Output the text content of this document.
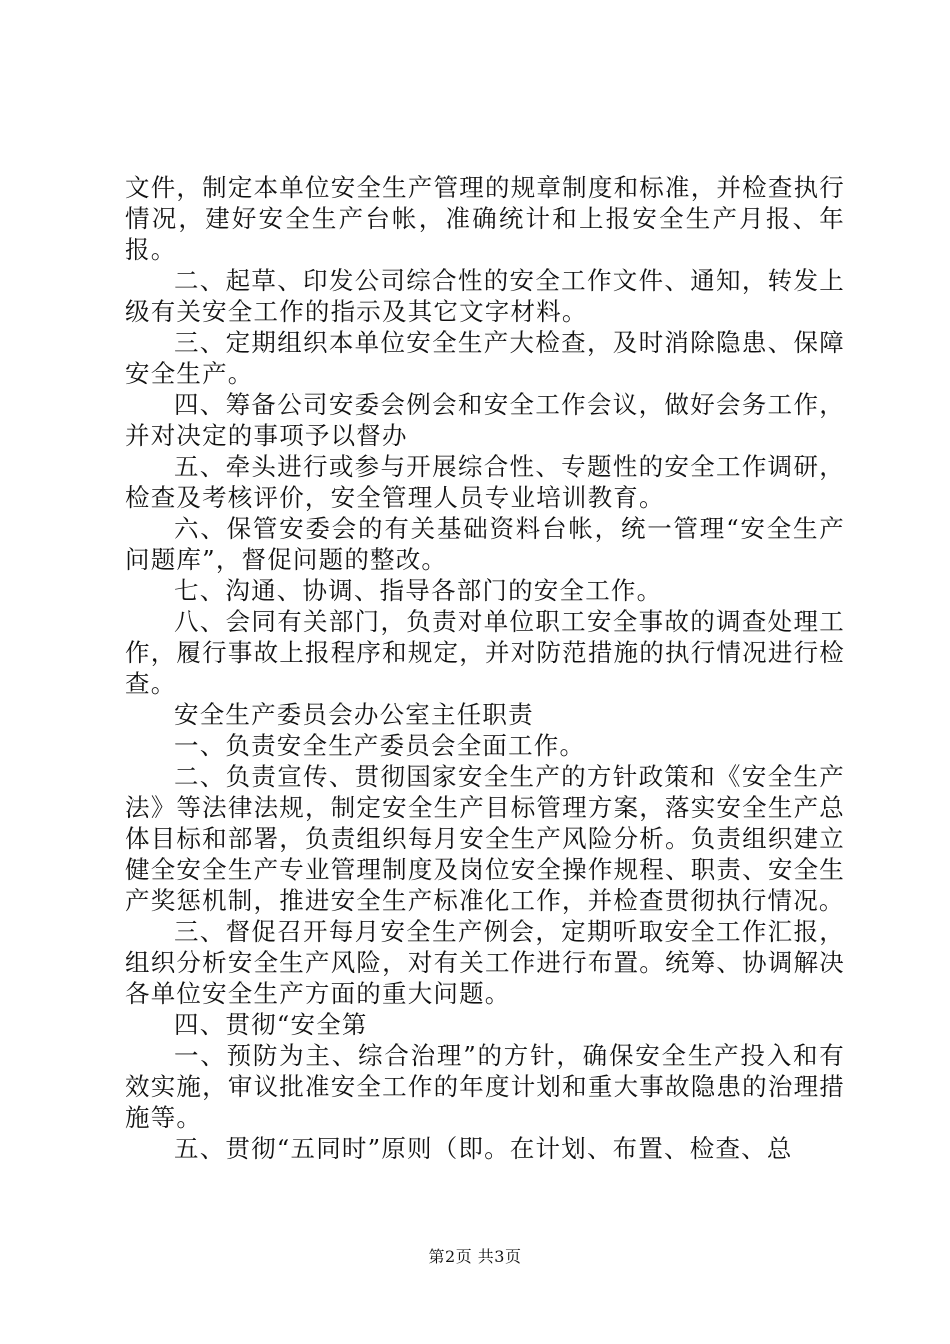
文件，制定本单位安全生产管理的规章制度和标准，并检查执行情况，建好安全生产台帐，准确统计和上报安全生产月报、年报。

二、起草、印发公司综合性的安全工作文件、通知，转发上级有关安全工作的指示及其它文字材料。

三、定期组织本单位安全生产大检查，及时消除隐患、保障安全生产。

四、筹备公司安委会例会和安全工作会议，做好会务工作，并对决定的事项予以督办

五、牵头进行或参与开展综合性、专题性的安全工作调研，检查及考核评价，安全管理人员专业培训教育。

六、保管安委会的有关基础资料台帐，统一管理“安全生产问题库”，督促问题的整改。

七、沟通、协调、指导各部门的安全工作。

八、会同有关部门，负责对单位职工安全事故的调查处理工作，履行事故上报程序和规定，并对防范措施的执行情况进行检查。

安全生产委员会办公室主任职责

一、负责安全生产委员会全面工作。

二、负责宣传、贯彻国家安全生产的方针政策和《安全生产法》等法律法规，制定安全生产目标管理方案，落实安全生产总体目标和部署，负责组织每月安全生产风险分析。负责组织建立健全安全生产专业管理制度及岗位安全操作规程、职责、安全生产奖惩机制，推进安全生产标准化工作，并检查贯彻执行情况。

三、督促召开每月安全生产例会，定期听取安全工作汇报，组织分析安全生产风险，对有关工作进行布置。统筹、协调解决各单位安全生产方面的重大问题。

四、贯彻“安全第

一、预防为主、综合治理”的方针，确保安全生产投入和有效实施，审议批准安全工作的年度计划和重大事故隐患的治理措施等。

五、贯彻“五同时”原则（即。在计划、布置、检查、总

第2页 共3页
